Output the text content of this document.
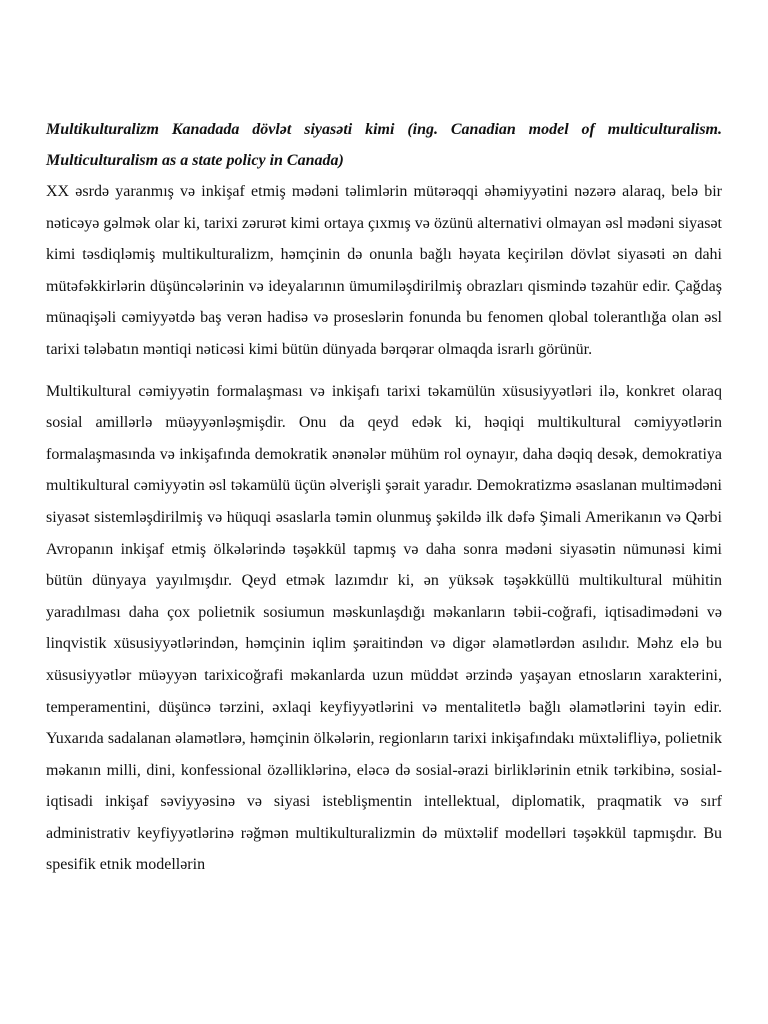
Multikulturalizm Kanadada dövlət siyasəti kimi (ing. Canadian model of multiculturalism. Multiculturalism as a state policy in Canada)

XX əsrdə yaranmış və inkişaf etmiş mədəni təlimlərin mütərəqqi əhəmiyyətini nəzərə alaraq, belə bir nəticəyə gəlmək olar ki, tarixi zərurət kimi ortaya çıxmış və özünü alternativi olmayan əsl mədəni siyasət kimi təsdiqləmiş multikulturalizm, həmçinin də onunla bağlı həyata keçirilən dövlət siyasəti ən dahi mütəfəkkirlərin düşüncələrinin və ideyalarının ümumiləşdirilmiş obrazları qismində təzahür edir. Çağdaş münaqişəli cəmiyyətdə baş verən hadisə və proseslərin fonunda bu fenomen qlobal tolerantlığa olan əsl tarixi tələbatın məntiqi nəticəsi kimi bütün dünyada bərqərar olmaqda israrlı görünür.

Multikultural cəmiyyətin formalaşması və inkişafı tarixi təkamülün xüsusiyyətləri ilə, konkret olaraq sosial amillərlə müəyyənləşmişdir. Onu da qeyd edək ki, həqiqi multikultural cəmiyyətlərin formalaşmasında və inkişafında demokratik ənənələr mühüm rol oynayır, daha dəqiq desək, demokratiya multikultural cəmiyyətin əsl təkamülü üçün əlverişli şərait yaradır. Demokratizmə əsaslanan multimədəni siyasət sistemləşdirilmiş və hüquqi əsaslarla təmin olunmuş şəkildə ilk dəfə Şimali Amerikanın və Qərbi Avropanın inkişaf etmiş ölkələrində təşəkkül tapmış və daha sonra mədəni siyasətin nümunəsi kimi bütün dünyaya yayılmışdır. Qeyd etmək lazımdır ki, ən yüksək təşəkküllü multikultural mühitin yaradılması daha çox polietnik sosiumun məskunlaşdığı məkanların təbii-coğrafi, iqtisadimədəni və linqvistik xüsusiyyətlərindən, həmçinin iqlim şəraitindən və digər əlamətlərdən asılıdır. Məhz elə bu xüsusiyyətlər müəyyən tarixicoğrafi məkanlarda uzun müddət ərzində yaşayan etnosların xarakterini, temperamentini, düşüncə tərzini, əxlaqi keyfiyyətlərini və mentalitetlə bağlı əlamətlərini təyin edir. Yuxarıda sadalanan əlamətlərə, həmçinin ölkələrin, regionların tarixi inkişafındakı müxtəlifliyə, polietnik məkanın milli, dini, konfessional özəlliklərinə, eləcə də sosial-ərazi birliklərinin etnik tərkibinə, sosial-iqtisadi inkişaf səviyyəsinə və siyasi isteblişmentin intellektual, diplomatik, praqmatik və sırf administrativ keyfiyyətlərinə rəğmən multikulturalizmin də müxtəlif modelləri təşəkkül tapmışdır. Bu spesifik etnik modellərin
